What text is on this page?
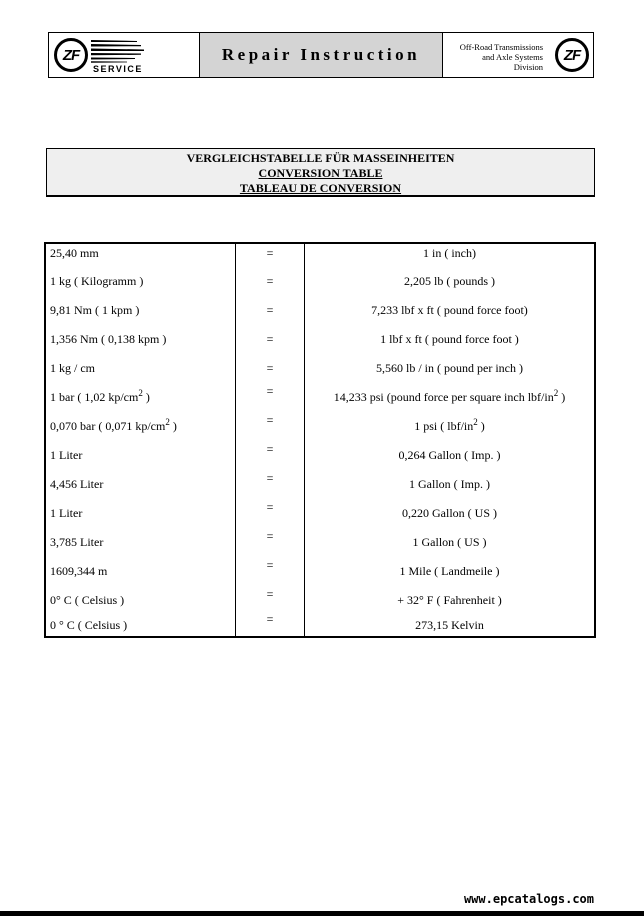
ZF
SERVICE
Repair Instruction	Off-Road Transmissions
and Axle Systems
Division
ZF
VERGLEICHSTABELLE FÜR MASSEINHEITEN
CONVERSION TABLE
TABLEAU DE CONVERSION
25,40 mm	=	1 in ( inch)
1 kg ( Kilogramm )	=	2,205 lb ( pounds )
9,81 Nm ( 1 kpm )	=	7,233 lbf x ft ( pound force foot)
1,356 Nm ( 0,138 kpm )	=	1 lbf x ft ( pound force foot )
1 kg / cm	=	5,560 lb / in ( pound per inch )
1 bar ( 1,02 $kp/cm^2$ )	=	14,233 psi (pound force per square inch lbf/$in^2$ )
0,070 bar ( 0,071 $kp/cm^2$ )	=	1 psi ( lbf/$in^2$ )
1 Liter	=	0,264 Gallon ( Imp. )
4,456 Liter	=	1 Gallon ( Imp. )
1 Liter	=	0,220 Gallon ( US )
3,785 Liter	=	1 Gallon ( US )
1609,344 m	=	1 Mile ( Landmeile )
0° C ( Celsius )	=	+ 32° F ( Fahrenheit )
0 ° C ( Celsius )	=	273,15 Kelvin
www.epcatalogs.com
